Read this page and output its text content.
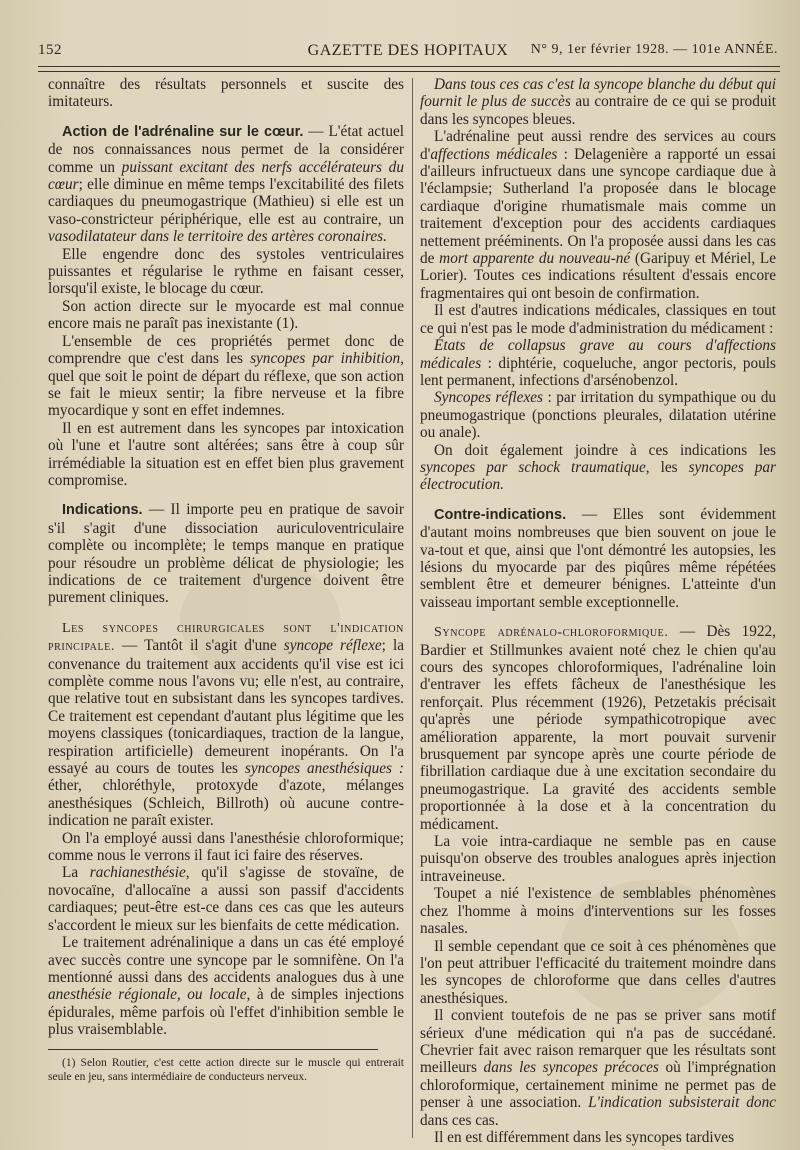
152	GAZETTE DES HOPITAUX	N° 9, 1er février 1928. — 101e ANNÉE.

connaître des résultats personnels et suscite des imitateurs.

Action de l'adrénaline sur le cœur. — L'état actuel de nos connaissances nous permet de la considérer comme un puissant excitant des nerfs accélérateurs du cœur; elle diminue en même temps l'excitabilité des filets cardiaques du pneumogastrique (Mathieu) si elle est un vaso-constricteur périphérique, elle est au contraire, un vasodilatateur dans le territoire des artères coronaires.

Elle engendre donc des systoles ventriculaires puissantes et régularise le rythme en faisant cesser, lorsqu'il existe, le blocage du cœur.

Son action directe sur le myocarde est mal connue encore mais ne paraît pas inexistante (1).

L'ensemble de ces propriétés permet donc de comprendre que c'est dans les syncopes par inhibition, quel que soit le point de départ du réflexe, que son action se fait le mieux sentir; la fibre nerveuse et la fibre myocardique y sont en effet indemnes.

Il en est autrement dans les syncopes par intoxication où l'une et l'autre sont altérées; sans être à coup sûr irrémédiable la situation est en effet bien plus gravement compromise.

Indications. — Il importe peu en pratique de savoir s'il s'agit d'une dissociation auriculoventriculaire complète ou incomplète; le temps manque en pratique pour résoudre un problème délicat de physiologie; les indications de ce traitement d'urgence doivent être purement cliniques.

Les syncopes chirurgicales sont l'indication principale. — Tantôt il s'agit d'une syncope réflexe; la convenance du traitement aux accidents qu'il vise est ici complète comme nous l'avons vu; elle n'est, au contraire, que relative tout en subsistant dans les syncopes tardives. Ce traitement est cependant d'autant plus légitime que les moyens classiques (tonicardiaques, traction de la langue, respiration artificielle) demeurent inopérants. On l'a essayé au cours de toutes les syncopes anesthésiques : éther, chloréthyle, protoxyde d'azote, mélanges anesthésiques (Schleich, Billroth) où aucune contre-indication ne paraît exister.

On l'a employé aussi dans l'anesthésie chloroformique; comme nous le verrons il faut ici faire des réserves.

La rachianesthésie, qu'il s'agisse de stovaïne, de novocaïne, d'allocaïne a aussi son passif d'accidents cardiaques; peut-être est-ce dans ces cas que les auteurs s'accordent le mieux sur les bienfaits de cette médication.

Le traitement adrénalinique a dans un cas été employé avec succès contre une syncope par le somnifène. On l'a mentionné aussi dans des accidents analogues dus à une anesthésie régionale, ou locale, à de simples injections épidurales, même parfois où l'effet d'inhibition semble le plus vraisemblable.

(1) Selon Routier, c'est cette action directe sur le muscle qui entrerait seule en jeu, sans intermédiaire de conducteurs nerveux.

Dans tous ces cas c'est la syncope blanche du début qui fournit le plus de succès au contraire de ce qui se produit dans les syncopes bleues.

L'adrénaline peut aussi rendre des services au cours d'affections médicales : Delagenière a rapporté un essai d'ailleurs infructueux dans une syncope cardiaque due à l'éclampsie; Sutherland l'a proposée dans le blocage cardiaque d'origine rhumatismale mais comme un traitement d'exception pour des accidents cardiaques nettement prééminents. On l'a proposée aussi dans les cas de mort apparente du nouveau-né (Garipuy et Mériel, Le Lorier). Toutes ces indications résultent d'essais encore fragmentaires qui ont besoin de confirmation.

Il est d'autres indications médicales, classiques en tout ce qui n'est pas le mode d'administration du médicament :

États de collapsus grave au cours d'affections médicales : diphtérie, coqueluche, angor pectoris, pouls lent permanent, infections d'arsénobenzol.

Syncopes réflexes : par irritation du sympathique ou du pneumogastrique (ponctions pleurales, dilatation utérine ou anale).

On doit également joindre à ces indications les syncopes par schock traumatique, les syncopes par électrocution.

Contre-indications. — Elles sont évidemment d'autant moins nombreuses que bien souvent on joue le va-tout et que, ainsi que l'ont démontré les autopsies, les lésions du myocarde par des piqûres même répétées semblent être et demeurer bénignes. L'atteinte d'un vaisseau important semble exceptionnelle.

Syncope adrénalo-chloroformique. — Dès 1922, Bardier et Stillmunkes avaient noté chez le chien qu'au cours des syncopes chloroformiques, l'adrénaline loin d'entraver les effets fâcheux de l'anesthésique les renforçait. Plus récemment (1926), Petzetakis précisait qu'après une période sympathicotropique avec amélioration apparente, la mort pouvait survenir brusquement par syncope après une courte période de fibrillation cardiaque due à une excitation secondaire du pneumogastrique. La gravité des accidents semble proportionnée à la dose et à la concentration du médicament.

La voie intra-cardiaque ne semble pas en cause puisqu'on observe des troubles analogues après injection intraveineuse.

Toupet a nié l'existence de semblables phénomènes chez l'homme à moins d'interventions sur les fosses nasales.

Il semble cependant que ce soit à ces phénomènes que l'on peut attribuer l'efficacité du traitement moindre dans les syncopes de chloroforme que dans celles d'autres anesthésiques.

Il convient toutefois de ne pas se priver sans motif sérieux d'une médication qui n'a pas de succédané. Chevrier fait avec raison remarquer que les résultats sont meilleurs dans les syncopes précoces où l'imprégnation chloroformique, certainement minime ne permet pas de penser à une association. L'indication subsisterait donc dans ces cas.

Il en est différemment dans les syncopes tardives
